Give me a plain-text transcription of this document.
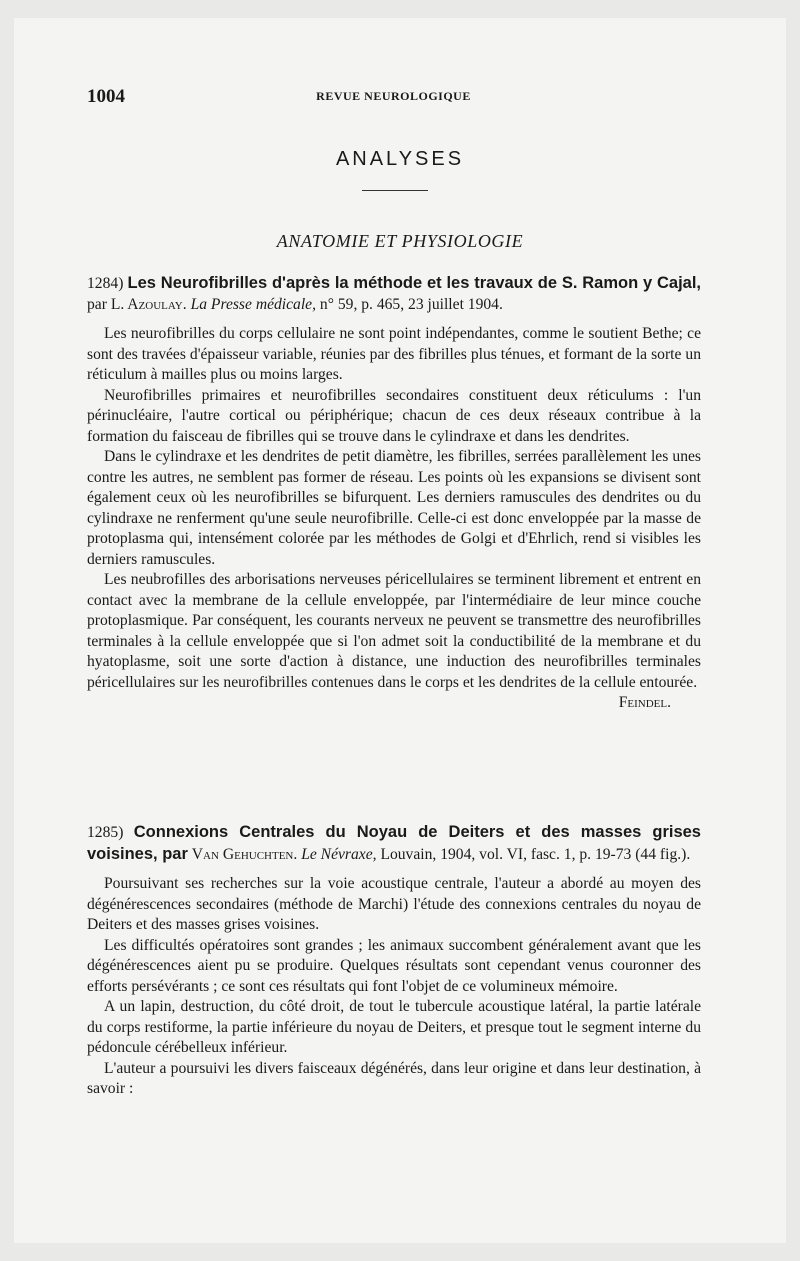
1004	REVUE NEUROLOGIQUE
ANALYSES
ANATOMIE ET PHYSIOLOGIE

1284) Les Neurofibrilles d'après la méthode et les travaux de S. Ramon y Cajal, par L. Azoulay. La Presse médicale, n° 59, p. 465, 23 juillet 1904.

Les neurofibrilles du corps cellulaire ne sont point indépendantes, comme le soutient Bethe; ce sont des travées d'épaisseur variable, réunies par des fibrilles plus ténues, et formant de la sorte un réticulum à mailles plus ou moins larges.

Neurofibrilles primaires et neurofibrilles secondaires constituent deux réticulums : l'un périnucléaire, l'autre cortical ou périphérique; chacun de ces deux réseaux contribue à la formation du faisceau de fibrilles qui se trouve dans le cylindraxe et dans les dendrites.

Dans le cylindraxe et les dendrites de petit diamètre, les fibrilles, serrées parallèlement les unes contre les autres, ne semblent pas former de réseau. Les points où les expansions se divisent sont également ceux où les neurofibrilles se bifurquent. Les derniers ramuscules des dendrites ou du cylindraxe ne renferment qu'une seule neurofibrille. Celle-ci est donc enveloppée par la masse de protoplasma qui, intensément colorée par les méthodes de Golgi et d'Ehrlich, rend si visibles les derniers ramuscules.

Les neubrofilles des arborisations nerveuses péricellulaires se terminent librement et entrent en contact avec la membrane de la cellule enveloppée, par l'intermédiaire de leur mince couche protoplasmique. Par conséquent, les courants nerveux ne peuvent se transmettre des neurofibrilles terminales à la cellule enveloppée que si l'on admet soit la conductibilité de la membrane et du hyatoplasme, soit une sorte d'action à distance, une induction des neurofibrilles terminales péricellulaires sur les neurofibrilles contenues dans le corps et les dendrites de la cellule entourée.
Feindel.

1285) Connexions Centrales du Noyau de Deiters et des masses grises voisines, par Van Gehuchten. Le Névraxe, Louvain, 1904, vol. VI, fasc. 1, p. 19-73 (44 fig.).

Poursuivant ses recherches sur la voie acoustique centrale, l'auteur a abordé au moyen des dégénérescences secondaires (méthode de Marchi) l'étude des connexions centrales du noyau de Deiters et des masses grises voisines.

Les difficultés opératoires sont grandes ; les animaux succombent généralement avant que les dégénérescences aient pu se produire. Quelques résultats sont cependant venus couronner des efforts persévérants ; ce sont ces résultats qui font l'objet de ce volumineux mémoire.

A un lapin, destruction, du côté droit, de tout le tubercule acoustique latéral, la partie latérale du corps restiforme, la partie inférieure du noyau de Deiters, et presque tout le segment interne du pédoncule cérébelleux inférieur.

L'auteur a poursuivi les divers faisceaux dégénérés, dans leur origine et dans leur destination, à savoir :
